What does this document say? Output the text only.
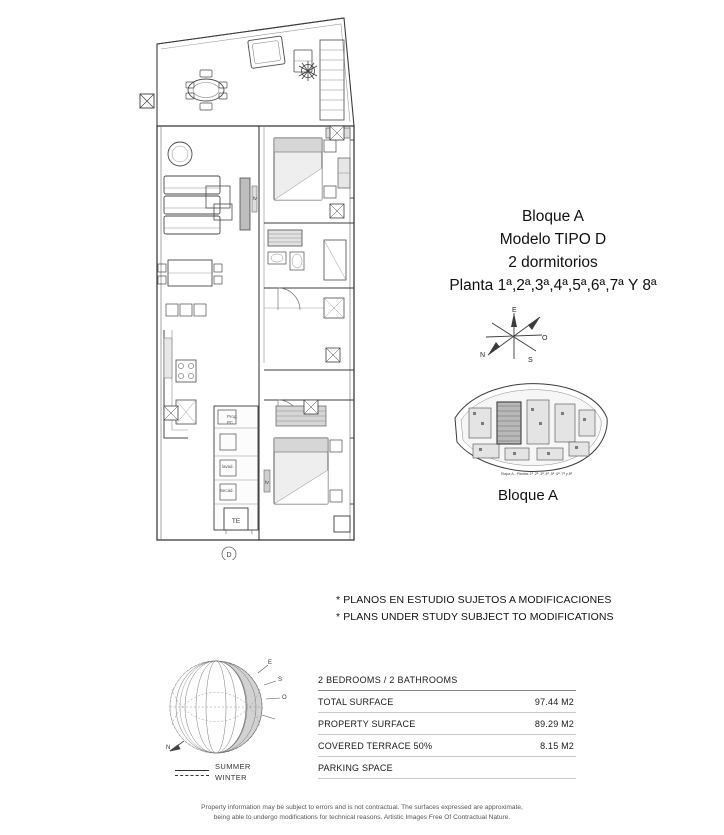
D
TE
tv
tv
Prog.
PC
lavad.
Secad.
Bloque A
Modelo TIPO D
2 dormitorios
Planta 1ª,2ª,3ª,4ª,5ª,6ª,7ª Y 8ª
E
O
N
S
Etapa A - Plantas 1ª ,2ª ,3ª ,4ª ,5ª ,6ª ,7ª y 8ª
Bloque A
* PLANOS EN ESTUDIO SUJETOS A MODIFICACIONES
* PLANS UNDER STUDY SUBJECT TO MODIFICATIONS
E
S
O
N
SUMMER
WINTER
2 BEDROOMS / 2 BATHROOMS
TOTAL SURFACE	97.44 M2
PROPERTY SURFACE	89.29 M2
COVERED TERRACE 50%	8.15 M2
PARKING SPACE
Property information may be subject to errors and is not contractual. The surfaces expressed are approximate,
being able to undergo modifications for technical reasons. Artistic Images Free Of Contractual Nature.
